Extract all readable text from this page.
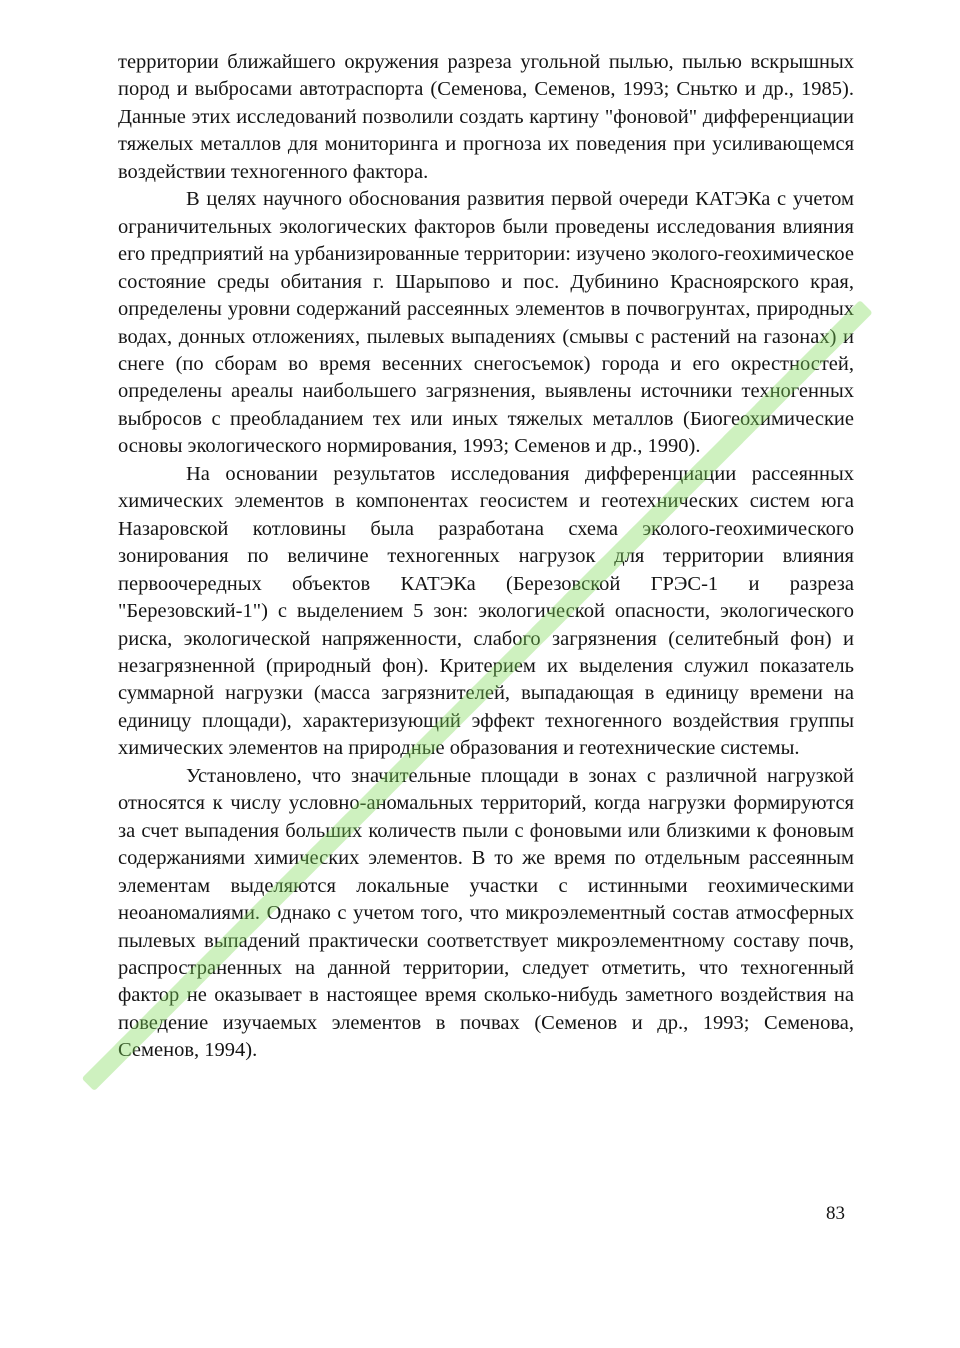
территории ближайшего окружения разреза угольной пылью, пылью вскрышных пород и выбросами автотраспорта (Семенова, Семенов, 1993; Сньтко и др., 1985). Данные этих исследований позволили создать картину "фоновой" дифференциации тяжелых металлов для мониторинга и прогноза их поведения при усиливающемся воздействии техногенного фактора.

В целях научного обоснования развития первой очереди КАТЭКа с учетом ограничительных экологических факторов были проведены исследования влияния его предприятий на урбанизированные территории: изучено эколого-геохимическое состояние среды обитания г. Шарыпово и пос. Дубинино Красноярского края, определены уровни содержаний рассеянных элементов в почвогрунтах, природных водах, донных отложениях, пылевых выпадениях (смывы с растений на газонах) и снеге (по сборам во время весенних снегосъемок) города и его окрестностей, определены ареалы наибольшего загрязнения, выявлены источники техногенных выбросов с преобладанием тех или иных тяжелых металлов (Биогеохимические основы экологического нормирования, 1993; Семенов и др., 1990).

На основании результатов исследования дифференциации рассеянных химических элементов в компонентах геосистем и геотехнических систем юга Назаровской котловины была разработана схема эколого-геохимического зонирования по величине техногенных нагрузок для территории влияния первоочередных объектов КАТЭКа (Березовской ГРЭС-1 и разреза "Березовский-1") с выделением 5 зон: экологической опасности, экологического риска, экологической напряженности, слабого загрязнения (селитебный фон) и незагрязненной (природный фон). Критерием их выделения служил показатель суммарной нагрузки (масса загрязнителей, выпадающая в единицу времени на единицу площади), характеризующий эффект техногенного воздействия группы химических элементов на природные образования и геотехнические системы.

Установлено, что значительные площади в зонах с различной нагрузкой относятся к числу условно-аномальных территорий, когда нагрузки формируются за счет выпадения больших количеств пыли с фоновыми или близкими к фоновым содержаниями химических элементов. В то же время по отдельным рассеянным элементам выделяются локальные участки с истинными геохимическими неоаномалиями. Однако с учетом того, что микроэлементный состав атмосферных пылевых выпадений практически соответствует микроэлементному составу почв, распространенных на данной территории, следует отметить, что техногенный фактор не оказывает в настоящее время сколько-нибудь заметного воздействия на поведение изучаемых элементов в почвах (Семенов и др., 1993; Семенова, Семенов, 1994).

83
